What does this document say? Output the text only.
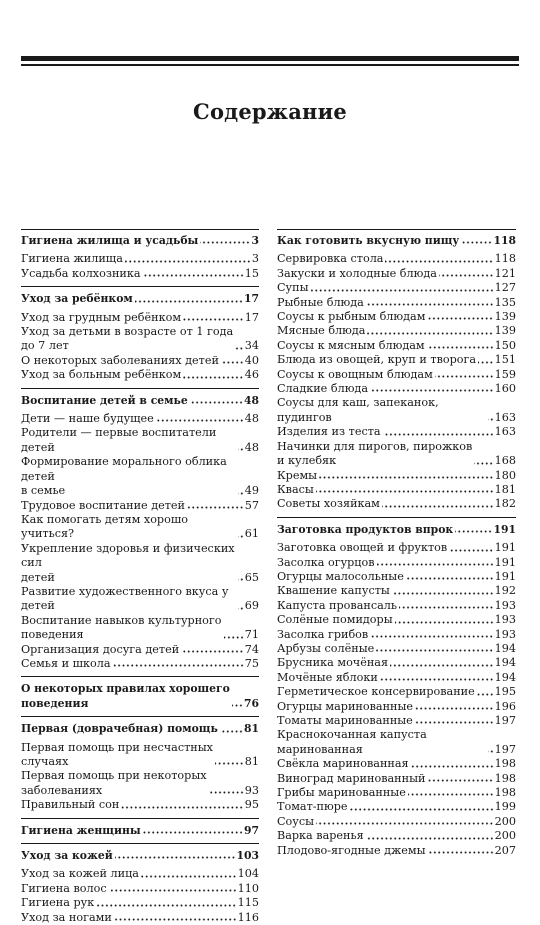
Содержание
Гигиена жилища и усадьбы	3
Гигиена жилища	3
Усадьба колхозника	15
Уход за ребёнком	17
Уход за грудным ребёнком	17
Уход за детьми в возрасте от 1 года
до 7 лет	34
О некоторых заболеваниях детей 40
Уход за больным ребёнком	46
Воспитание детей в семье	48
Дети — наше будущее	48
Родители — первые воспитатели детей	48
Формирование морального облика детей
в семье	49
Трудовое воспитание детей	57
Как помогать детям хорошо учиться?	61
Укрепление здоровья и физических сил
детей	65
Развитие художественного вкуса у детей	69
Воспитание навыков культурного
поведения	71
Организация досуга детей	74
Семья и школа	75
О некоторых правилах хорошего
поведения	76
Первая (доврачебная) помощь 81
Первая помощь при несчастных
случаях	81
Первая помощь при некоторых
заболеваниях	93
Правильный сон	95
Гигиена женщины	97
Уход за кожей	103
Уход за кожей лица	104
Гигиена волос	110
Гигиена рук	115
Уход за ногами	116
Как готовить вкусную пищу	118
Сервировка стола	118
Закуски и холодные блюда	121
Супы	127
Рыбные блюда	135
Соусы к рыбным блюдам	139
Мясные блюда	139
Соусы к мясным блюдам	150
Блюда из овощей, круп и творога 151
Соусы к овощным блюдам	159
Сладкие блюда	160
Соусы для каш, запеканок, пудингов	163
Изделия из теста	163
Начинки для пирогов, пирожков
и кулебяк	168
Кремы	180
Квасы	181
Советы хозяйкам	182
Заготовка продуктов впрок	191
Заготовка овощей и фруктов	191
Засолка огурцов	191
Огурцы малосольные	191
Квашение капусты	192
Капуста провансаль	193
Солёные помидоры	193
Засолка грибов	193
Арбузы солёные	194
Брусника мочёная	194
Мочёные яблоки	194
Герметическое консервирование 195
Огурцы маринованные	196
Томаты маринованные	197
Краснокочанная капуста маринованная	197
Свёкла маринованная	198
Виноград маринованный	198
Грибы маринованные	198
Томат-пюре	199
Соусы	200
Варка варенья	200
Плодово-ягодные джемы	207
